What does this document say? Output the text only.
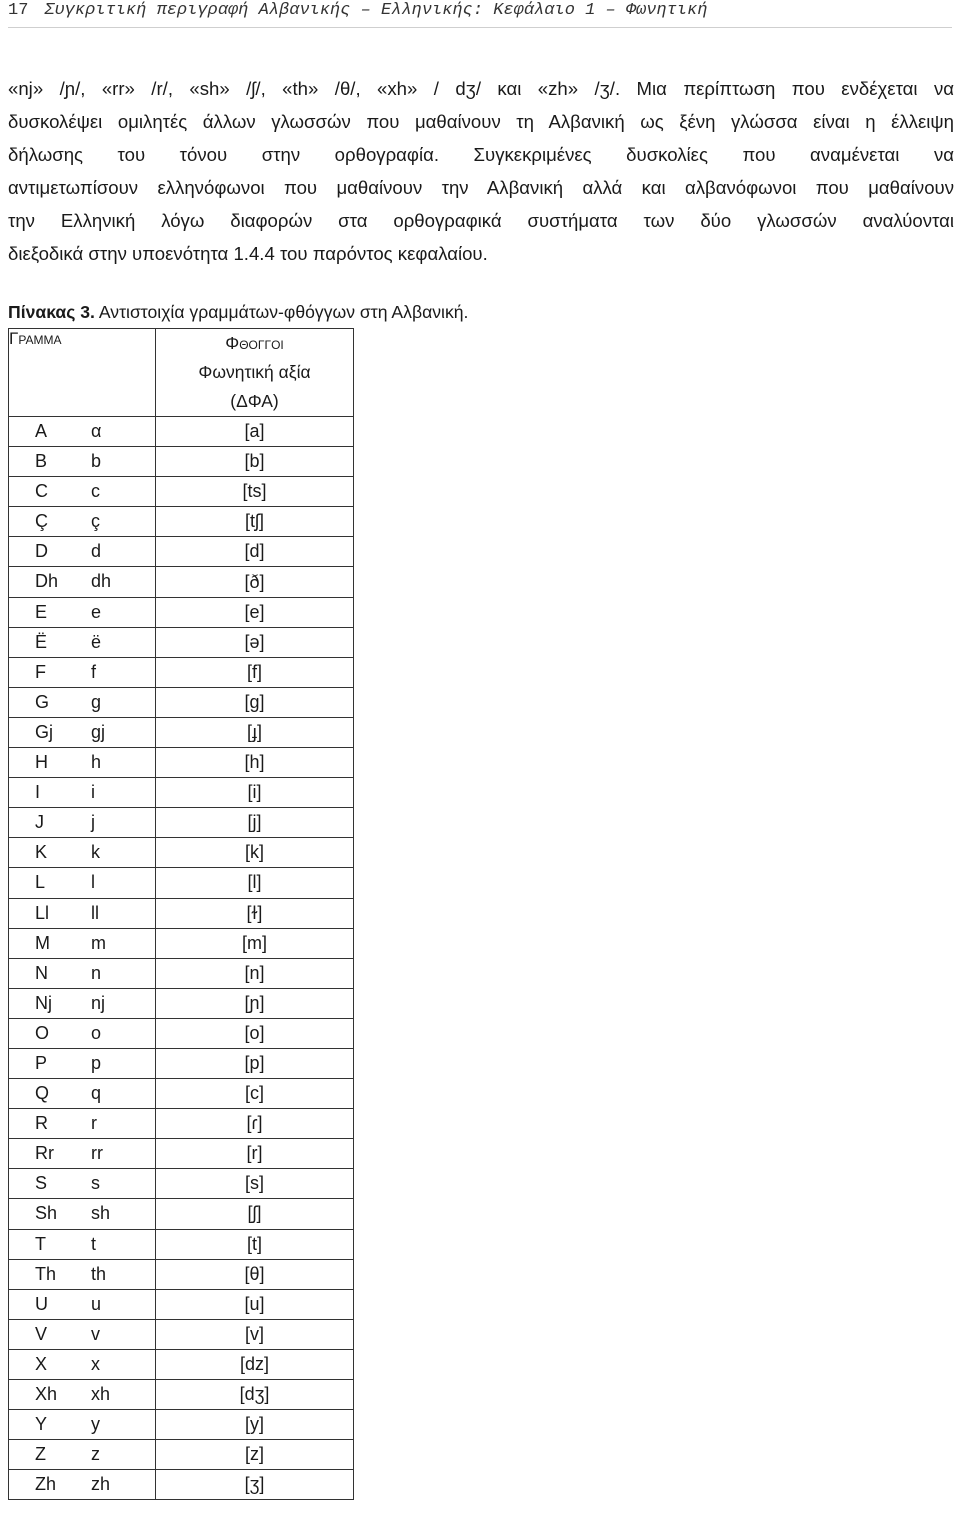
17 Συγκριτική περιγραφή Αλβανικής – Ελληνικής: Κεφάλαιο 1 – Φωνητική
«nj» /ɲ/, «rr» /r/, «sh» /ʃ/, «th» /θ/, «xh» / dʒ/ και «zh» /ʒ/. Μια περίπτωση που ενδέχεται να
δυσκολέψει ομιλητές άλλων γλωσσών που μαθαίνουν τη Αλβανική ως ξένη γλώσσα είναι η έλλειψη
δήλωσης του τόνου στην ορθογραφία. Συγκεκριμένες δυσκολίες που αναμένεται να
αντιμετωπίσουν ελληνόφωνοι που μαθαίνουν την Αλβανική αλλά και αλβανόφωνοι που μαθαίνουν
την Ελληνική λόγω διαφορών στα ορθογραφικά συστήματα των δύο γλωσσών αναλύονται
διεξοδικά στην υποενότητα 1.4.4 του παρόντος κεφαλαίου.
Πίνακας 3. Αντιστοιχία γραμμάτων-φθόγγων στη Αλβανική.
Γραμμα	Φθογγοι
Φωνητική αξία
(ΔΦΑ)

A α	[a]

B b	[b]

C c	[ts]

Ç ç	[tʃ]

D d	[d]

Dh dh	[ð]

E e	[e]

Ë ë	[ə]

F f	[f]

G g	[g]

Gj gj	[ɟ]

H h	[h]

I i	[i]

J j	[j]

K k	[k]

L l	[l]

Ll ll	[ɫ]

M m	[m]

N n	[n]

Nj nj	[ɲ]

O o	[o]

P p	[p]

Q q	[c]

R r	[ɾ]

Rr rr	[r]

S s	[s]

Sh sh	[ʃ]

T t	[t]

Th th	[θ]

U u	[u]

V v	[v]

X x	[dz]

Xh xh	[dʒ]

Y y	[y]

Z z	[z]

Zh zh	[ʒ]
